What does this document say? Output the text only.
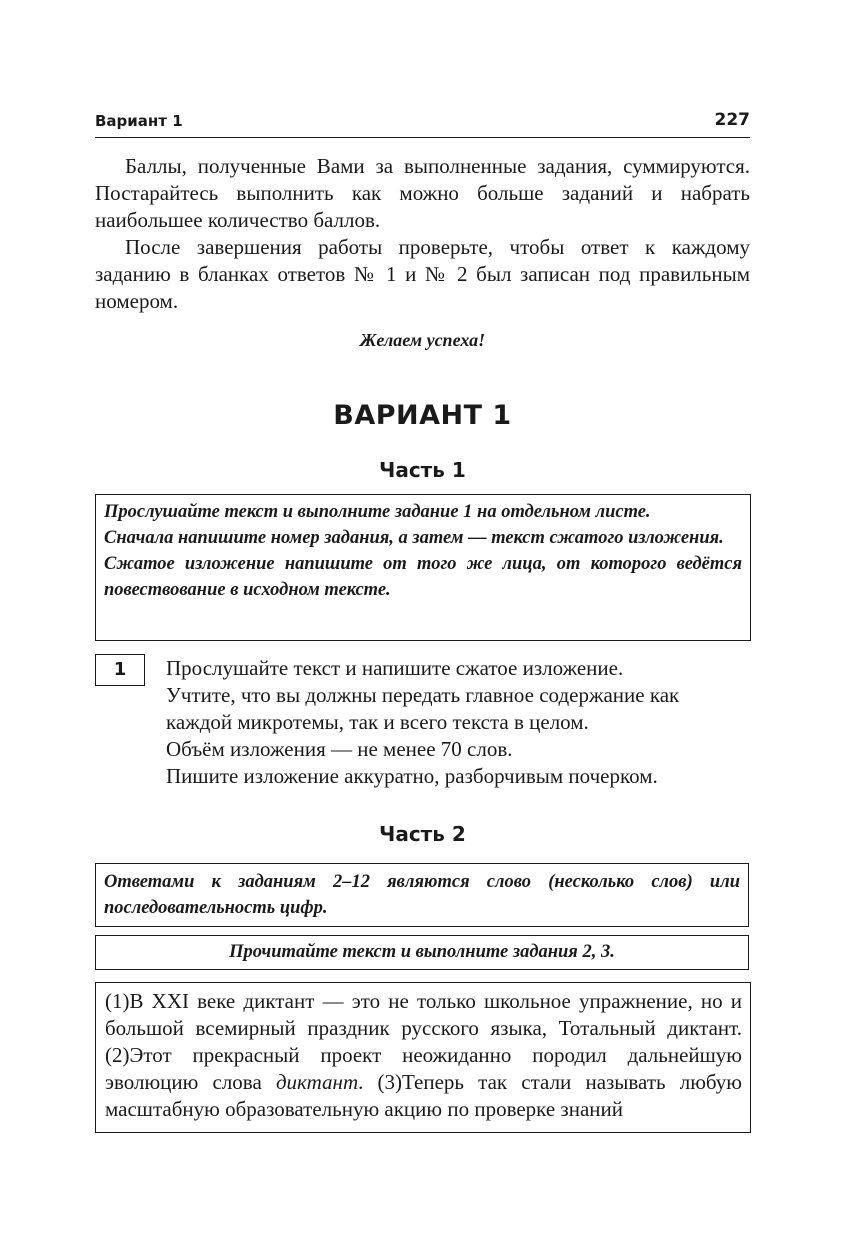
Вариант 1	227

Баллы, полученные Вами за выполненные задания, суммируются. Постарайтесь выполнить как можно больше заданий и набрать наибольшее количество баллов.

После завершения работы проверьте, чтобы ответ к каждому заданию в бланках ответов № 1 и № 2 был записан под правильным номером.

Желаем успеха!
ВАРИАНТ 1
Часть 1

Прослушайте текст и выполните задание 1 на отдельном листе.

Сначала напишите номер задания, а затем — текст сжатого изложения.

Сжатое изложение напишите от того же лица, от которого ведётся повествование в исходном тексте.

1	Прослушайте текст и напишите сжатое изложение.
Учтите, что вы должны передать главное содержание как
каждой микротемы, так и всего текста в целом.
Объём изложения — не менее 70 слов.
Пишите изложение аккуратно, разборчивым почерком.
Часть 2

Ответами к заданиям 2–12 являются слово (несколько слов) или последовательность цифр.

Прочитайте текст и выполните задания 2, 3.

(1)В XXI веке диктант — это не только школьное упражнение, но и большой всемирный праздник русского языка, Тотальный диктант. (2)Этот прекрасный проект неожиданно породил дальнейшую эволюцию слова диктант. (3)Теперь так стали называть любую масштабную образовательную акцию по проверке знаний
